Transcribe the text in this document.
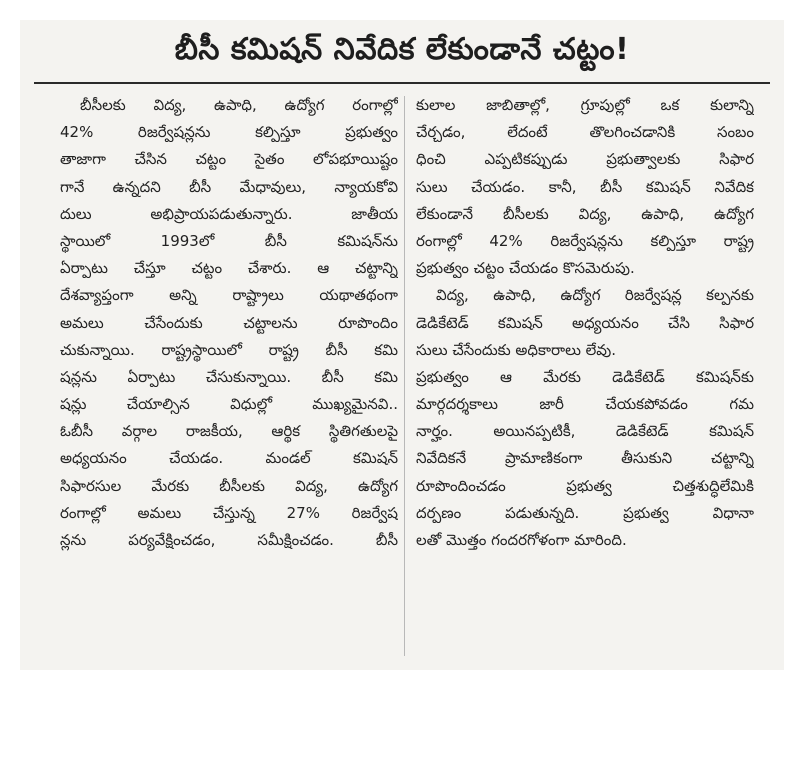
బీసీ కమిషన్ నివేదిక లేకుండానే చట్టం!
బీసీలకు విద్య, ఉపాధి, ఉద్యోగ రంగాల్లో
42% రిజర్వేషన్లను కల్పిస్తూ ప్రభుత్వం
తాజాగా చేసిన చట్టం సైతం లోపభూయిష్టం
గానే ఉన్నదని బీసీ మేధావులు, న్యాయకోవి
దులు అభిప్రాయపడుతున్నారు. జాతీయ
స్థాయిలో 1993లో బీసీ కమిషన్‌ను
ఏర్పాటు చేస్తూ చట్టం చేశారు. ఆ చట్టాన్ని
దేశవ్యాప్తంగా అన్ని రాష్ట్రాలు యథాతథంగా
అమలు చేసేందుకు చట్టాలను రూపొందిం
చుకున్నాయి. రాష్ట్రస్థాయిలో రాష్ట్ర బీసీ కమి
షన్లను ఏర్పాటు చేసుకున్నాయి. బీసీ కమి
షన్లు చేయాల్సిన విధుల్లో ముఖ్యమైనవి..
ఓబీసీ వర్గాల రాజకీయ, ఆర్థిక స్థితిగతులపై
అధ్యయనం చేయడం. మండల్ కమిషన్
సిఫారసుల మేరకు బీసీలకు విద్య, ఉద్యోగ
రంగాల్లో అమలు చేస్తున్న 27% రిజర్వేష
న్లను పర్యవేక్షించడం, సమీక్షించడం. బీసీ
కులాల జాబితాల్లో, గ్రూపుల్లో ఒక కులాన్ని
చేర్చడం, లేదంటే తొలగించడానికి సంబం
ధించి ఎప్పటికప్పుడు ప్రభుత్వాలకు సిఫార
సులు చేయడం. కానీ, బీసీ కమిషన్ నివేదిక
లేకుండానే బీసీలకు విద్య, ఉపాధి, ఉద్యోగ
రంగాల్లో 42% రిజర్వేషన్లను కల్పిస్తూ రాష్ట్ర
ప్రభుత్వం చట్టం చేయడం కొసమెరుపు.
విద్య, ఉపాధి, ఉద్యోగ రిజర్వేషన్ల కల్పనకు
డెడికేటెడ్ కమిషన్ అధ్యయనం చేసి సిఫార
సులు చేసేందుకు అధికారాలు లేవు.
ప్రభుత్వం ఆ మేరకు డెడికేటెడ్ కమిషన్‌కు
మార్గదర్శకాలు జారీ చేయకపోవడం గమ
నార్హం. అయినప్పటికీ, డెడికేటెడ్ కమిషన్
నివేదికనే ప్రామాణికంగా తీసుకుని చట్టాన్ని
రూపొందించడం ప్రభుత్వ చిత్తశుద్ధిలేమికి
దర్పణం పడుతున్నది. ప్రభుత్వ విధానా
లతో మొత్తం గందరగోళంగా మారింది.
